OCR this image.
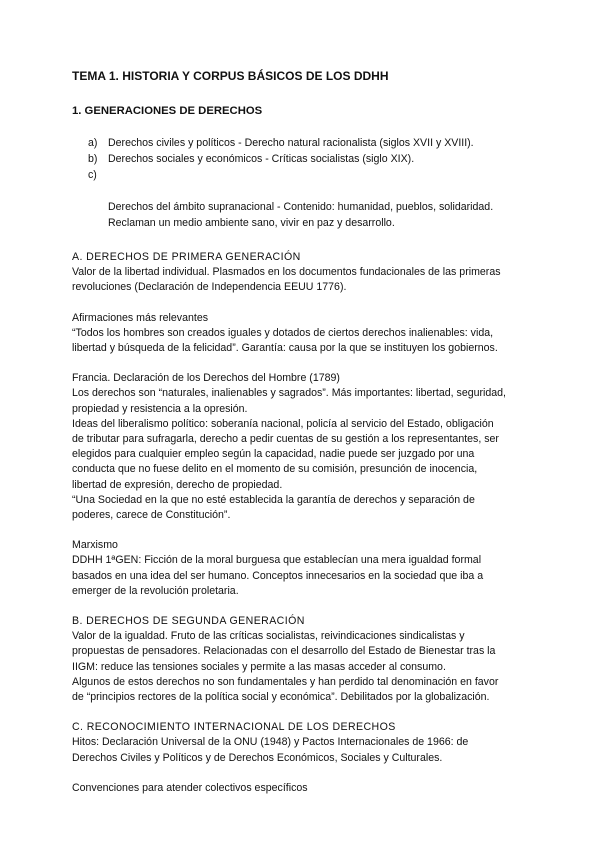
TEMA 1. HISTORIA Y CORPUS BÁSICOS DE LOS DDHH

1. GENERACIONES DE DERECHOS

a) Derechos civiles y políticos - Derecho natural racionalista (siglos XVII y XVIII).
b) Derechos sociales y económicos - Críticas socialistas (siglo XIX).

c)

Derechos del ámbito supranacional - Contenido: humanidad, pueblos, solidaridad.
Reclaman un medio ambiente sano, vivir en paz y desarrollo.

A. DERECHOS DE PRIMERA GENERACIÓN

Valor de la libertad individual. Plasmados en los documentos fundacionales de las primeras
revoluciones (Declaración de Independencia EEUU 1776).

Afirmaciones más relevantes

“Todos los hombres son creados iguales y dotados de ciertos derechos inalienables: vida,
libertad y búsqueda de la felicidad”. Garantía: causa por la que se instituyen los gobiernos.

Francia. Declaración de los Derechos del Hombre (1789)

Los derechos son “naturales, inalienables y sagrados”. Más importantes: libertad, seguridad,
propiedad y resistencia a la opresión.

Ideas del liberalismo político: soberanía nacional, policía al servicio del Estado, obligación
de tributar para sufragarla, derecho a pedir cuentas de su gestión a los representantes, ser
elegidos para cualquier empleo según la capacidad, nadie puede ser juzgado por una
conducta que no fuese delito en el momento de su comisión, presunción de inocencia,
libertad de expresión, derecho de propiedad.

“Una Sociedad en la que no esté establecida la garantía de derechos y separación de
poderes, carece de Constitución”.

Marxismo

DDHH 1ªGEN: Ficción de la moral burguesa que establecían una mera igualdad formal
basados en una idea del ser humano. Conceptos innecesarios en la sociedad que iba a
emerger de la revolución proletaria.

B. DERECHOS DE SEGUNDA GENERACIÓN

Valor de la igualdad. Fruto de las críticas socialistas, reivindicaciones sindicalistas y
propuestas de pensadores. Relacionadas con el desarrollo del Estado de Bienestar tras la
IIGM: reduce las tensiones sociales y permite a las masas acceder al consumo.

Algunos de estos derechos no son fundamentales y han perdido tal denominación en favor
de “principios rectores de la política social y económica”. Debilitados por la globalización.

C. RECONOCIMIENTO INTERNACIONAL DE LOS DERECHOS

Hitos: Declaración Universal de la ONU (1948) y Pactos Internacionales de 1966: de
Derechos Civiles y Políticos y de Derechos Económicos, Sociales y Culturales.

Convenciones para atender colectivos específicos
